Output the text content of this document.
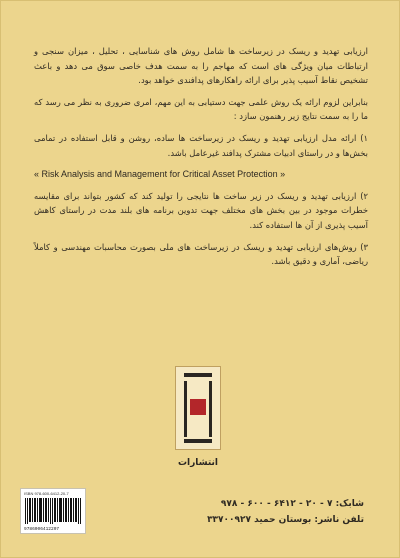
ارزیابی تهدید و ریسک در زیرساخت ها شامل روش های شناسایی ، تحلیل ، میزان سنجی و ارتباطات میان ویژگی های است که مهاجم را به سمت هدف خاصی سوق می دهد و باعث تشخیص نقاط آسیب پذیر برای ارائه راهکارهای پدافندی خواهد بود.

بنابراین لزوم ارائه یک روش علمی جهت دستیابی به این مهم، امری ضروری به نظر می رسد که ما را به سمت نتایج زیر رهنمون سازد :

۱) ارائه مدل ارزیابی تهدید و ریسک در زیرساخت ها ساده، روشن و قابل استفاده در تمامی بخش‌ها و در راستای ادبیات مشترک پدافند غیرعامل باشد.

« Risk Analysis and Management for Critical Asset Protection »

۲) ارزیابی تهدید و ریسک در زیر ساخت ها نتایجی را تولید کند که کشور بتواند برای مقایسه خطرات موجود در بین بخش های مختلف جهت تدوین برنامه های بلند مدت در راستای کاهش آسیب پذیری از آن ها استفاده کند.

۳) روش‌های ارزیابی تهدید و ریسک در زیرساخت های ملی بصورت محاسبات مهندسی و کاملاً ریاضی، آماری و دقیق باشد.

انتشارات
ISBN 978-600-6412-20-7
9786006412207
شابک: ۷ - ۲۰ - ۶۴۱۲ - ۶۰۰ - ۹۷۸
تلفن ناشر: بوستان حمید ۳۳۷۰۰۹۲۷
